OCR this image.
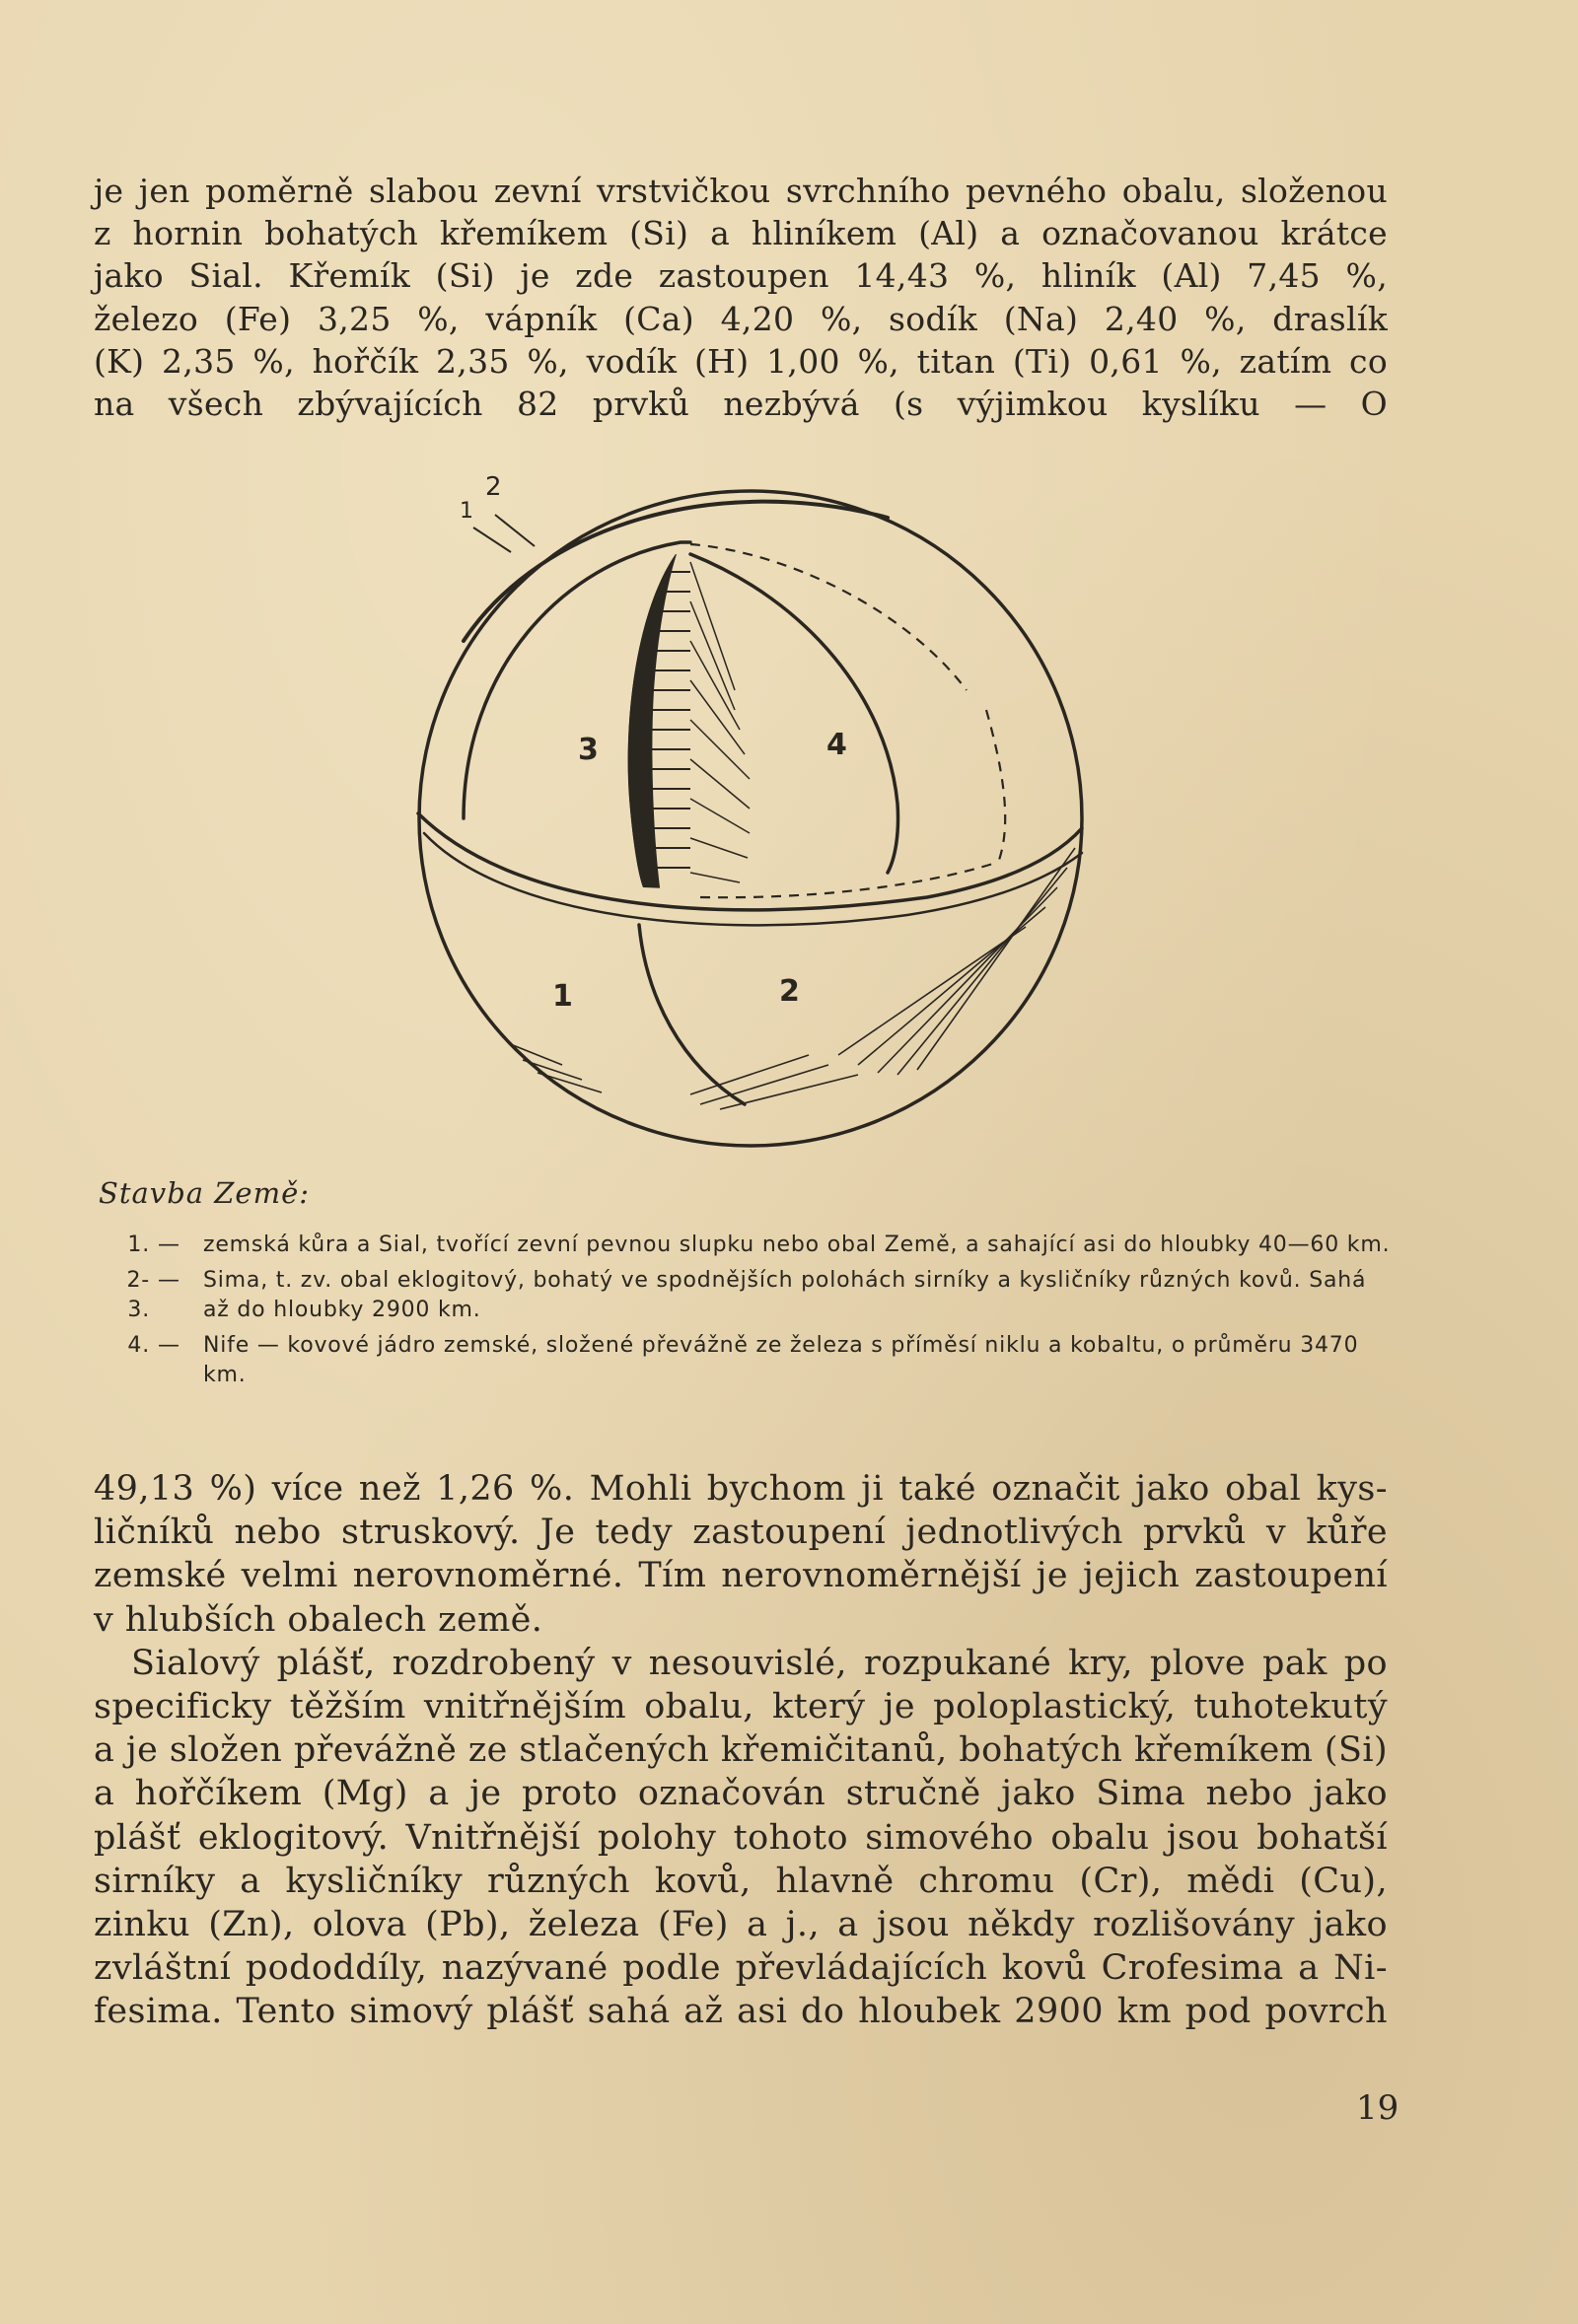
je jen poměrně slabou zevní vrstvičkou svrchního pevného obalu, složenou
z hornin bohatých křemíkem (Si) a hliníkem (Al) a označovanou krátce
jako Sial. Křemík (Si) je zde zastoupen 14,43 %, hliník (Al) 7,45 %,
železo (Fe) 3,25 %, vápník (Ca) 4,20 %, sodík (Na) 2,40 %, draslík
(K) 2,35 %, hořčík 2,35 %, vodík (H) 1,00 %, titan (Ti) 0,61 %, zatím co
na všech zbývajících 82 prvků nezbývá (s výjimkou kyslíku — O
1
2
3	4
1	2

Stavba Země:

1. — zemská kůra a Sial, tvořící zevní pevnou slupku nebo obal Země, a sahající asi do hloubky 40—60 km.
2-3.
— Sima, t. zv. obal eklogitový, bohatý ve spodnějších polohách sirníky a kysličníky různých kovů. Sahá až do hloubky 2900 km.
4. — Nife — kovové jádro zemské, složené převážně ze železa s příměsí niklu a kobaltu, o průměru 3470 km.
49,13 %) více než 1,26 %. Mohli bychom ji také označit jako obal kys-
ličníků nebo struskový. Je tedy zastoupení jednotlivých prvků v kůře
zemské velmi nerovnoměrné. Tím nerovnoměrnější je jejich zastoupení
v hlubších obalech země.
Sialový plášť, rozdrobený v nesouvislé, rozpukané kry, plove pak po
specificky těžším vnitřnějším obalu, který je poloplastický, tuhotekutý
a je složen převážně ze stlačených křemičitanů, bohatých křemíkem (Si)
a hořčíkem (Mg) a je proto označován stručně jako Sima nebo jako
plášť eklogitový. Vnitřnější polohy tohoto simového obalu jsou bohatší
sirníky a kysličníky různých kovů, hlavně chromu (Cr), mědi (Cu),
zinku (Zn), olova (Pb), železa (Fe) a j., a jsou někdy rozlišovány jako
zvláštní pododdíly, nazývané podle převládajících kovů Crofesima a Ni-
fesima. Tento simový plášť sahá až asi do hloubek 2900 km pod povrch

19
